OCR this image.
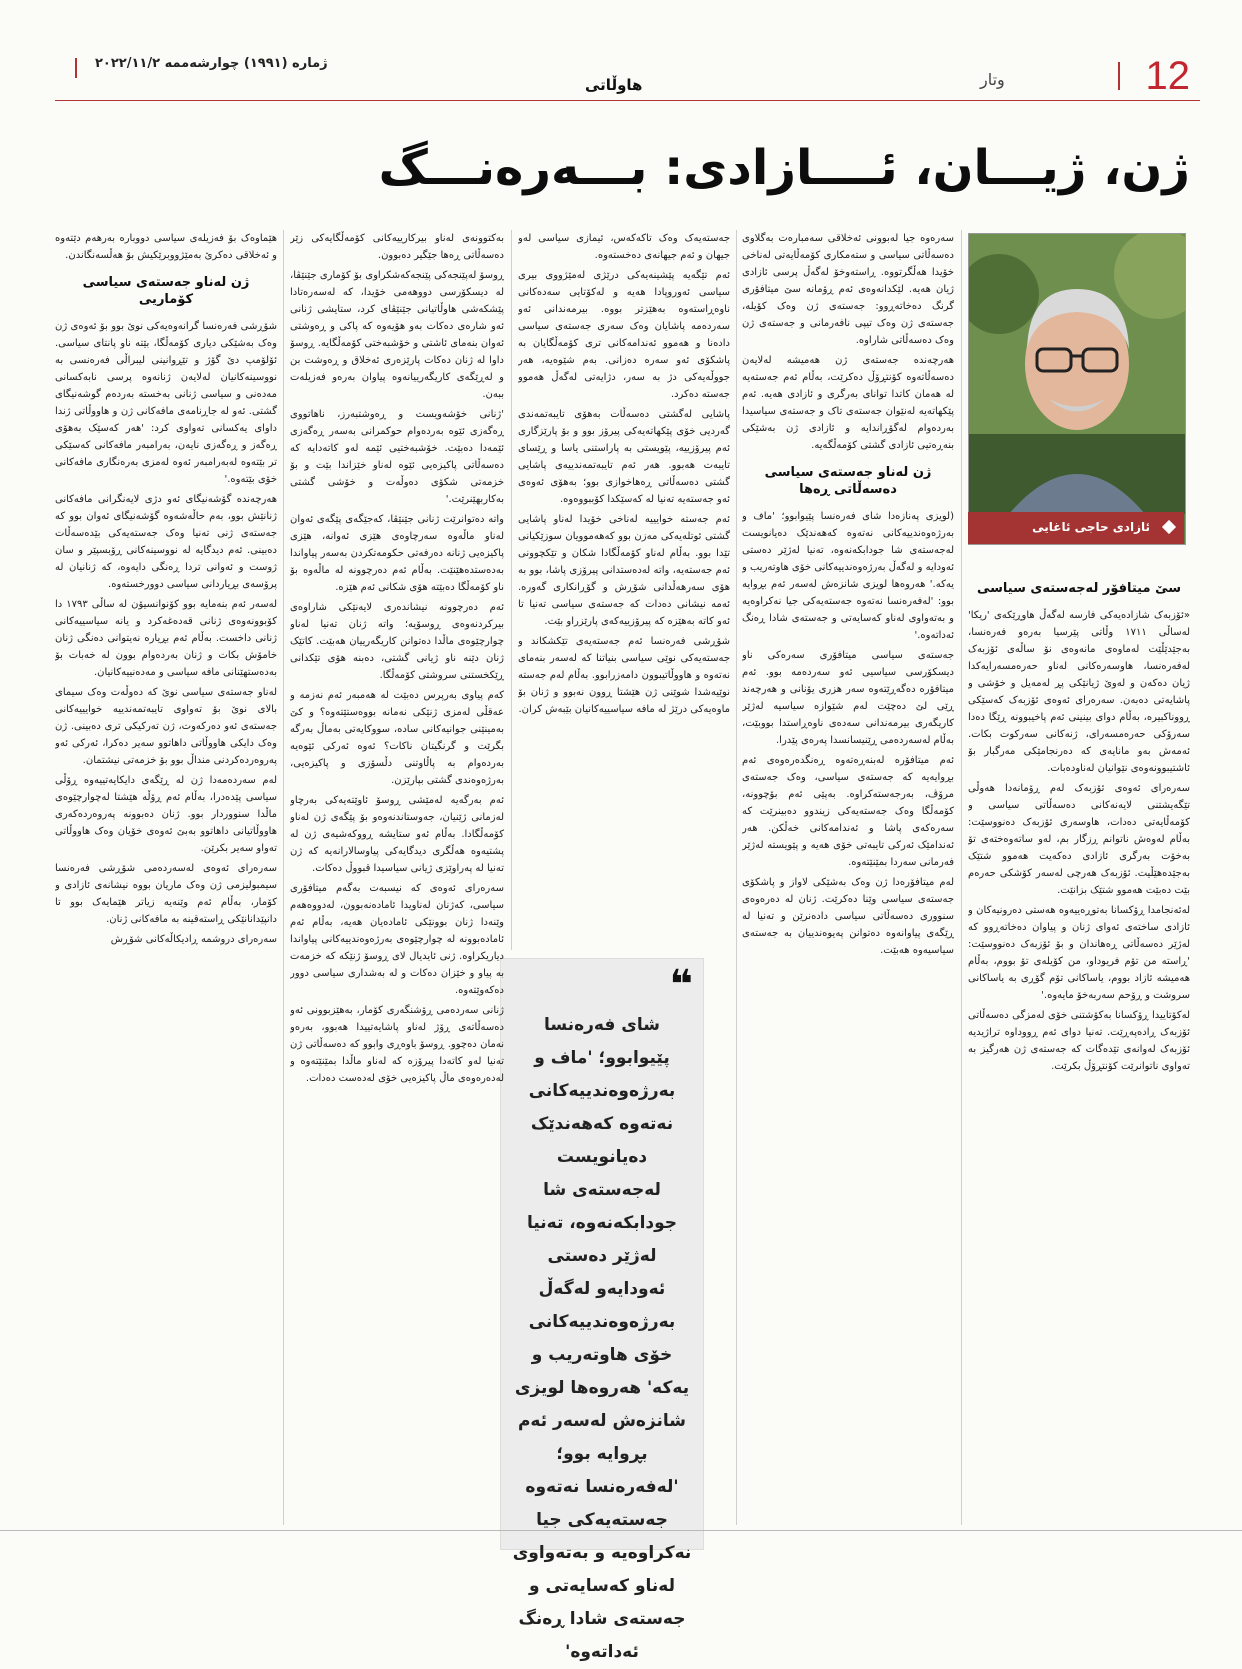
ژماره (١٩٩١) چوارشەممە ٢٠٢٢/١١/٢
هاوڵاتی	وتار	12
ژن، ژیـــان، ئــــازادی: بـــەرەنـــگ
ئازادی حاجی ئاغایی
سێ میتافۆر لەجەستەی سیاسی

«ئۆزبەک شازادەیەکی فارسە لەگەڵ هاوڕێکەی 'ریکا' لەساڵی ١٧١١ وڵاتی پێرسیا بەرەو فەرەنسا، بەجێدێڵێت لەماوەی مانەوەی نۆ ساڵەی ئۆزبەک لەفەرەنسا، هاوسەرەکانی لەناو حەرەمسەرایەکدا ژیان دەکەن و لەوێ ژیانێکی پڕ لەمەیل و خۆشی و پاشایەتی دەبەن. سەرەرای ئەوەی ئۆزبەک کەسێکی ڕووناکبیرە، بەڵام دوای بینینی ئەم پاخیبوونە ڕێگا دەدا سەرۆکی حەرەمسەرای، ژنەکانی سەرکوت بکات. ئەمەش بەو مانایەی کە دەرنجامێکی مەرگبار بۆ ئاشتیبوونەوەی نێوانیان لەناودەبات.

سەرەرای ئەوەی ئۆزبەک لەم ڕۆمانەدا هەوڵی تێگەیشتنی لایەنەکانی دەسەڵاتی سیاسی و کۆمەڵایەتی دەدات، هاوسەری ئۆزبەک دەنووسێت: بەڵام لەوەش ناتوانم ڕزگار بم، لەو ساتەوەختەی تۆ بەخۆت بەرگری ئازادی دەکەیت هەموو شتێک بەجێدەهێڵیت. ئۆزبەک هەرچی لەسەر کۆشکی حەرەم بێت دەبێت هەموو شتێک بزانێت.

لەئەنجامدا ڕۆکسانا بەتوڕەییەوە هەستی دەرونیەکان و ئازادی ساختەی ئەوای ژنان و پیاوان دەخاتەڕوو کە لەژێر دەسەڵاتی ڕەهاندان و بۆ ئۆزبەک دەنووسێت: 'ڕاستە من تۆم فریوداو، من کۆیلەی تۆ بووم، بەڵام هەمیشە ئازاد بووم، یاساکانی تۆم گۆڕی بە یاساکانی سروشت و ڕۆحم سەربەخۆ مایەوە.'

لەکۆتاییدا ڕۆکسانا بەکۆشتنی خۆی لەمزگی دەسەڵاتی ئۆزبەک ڕادەپەڕێت. تەنیا دوای ئەم ڕووداوە تراژیدیە ئۆزبەک لەوانەی تێدەگات کە جەستەی ژن هەرگیز بە تەواوی ناتوانرێت کۆنتڕۆڵ بکرێت.

سەرەوە جیا لەبوونی ئەخلاقی سەمبارەت بەگلاوی دەسەڵاتی سیاسی و ستەمکاری کۆمەڵایەتی لەناخی خۆیدا هەڵگرتووە. ڕاستەوخۆ لەگەڵ پرسی ئازادی ژیان هەیە. لێکدانەوەی ئەم ڕۆمانە سێ میتافۆری گرنگ دەخاتەڕوو: جەستەی ژن وەک کۆیلە، جەستەی ژن وەک تیپی نافەرمانی و جەستەی ژن وەک دەسەڵاتی شاراوە.

هەرچەندە جەستەی ژن هەمیشە لەلایەن دەسەڵاتەوە کۆنتڕۆڵ دەکرێت، بەڵام ئەم جەستەیە لە هەمان کاتدا توانای بەرگری و ئازادی هەیە. ئەم پێکهاتەیە لەنێوان جەستەی تاک و جەستەی سیاسیدا بەردەوام لەگۆڕاندایە و ئازادی ژن بەشێکی بنەڕەتیی ئازادی گشتی کۆمەڵگەیە.

ژن لەناو جەستەی سیاسی دەسەڵاتی ڕەها

(لویزی پەنازەدا شای فەرەنسا پێیوابوو؛ 'ماف و بەرژەوەندییەکانی نەتەوە کەهەندێک دەیانویست لەجەستەی شا جودابکەنەوە، تەنیا لەژێر دەستی ئەودایە و لەگەڵ بەرژەوەندییەکانی خۆی هاوتەریب و یەکە.' هەروەها لویزی شانزەش لەسەر ئەم بڕوایە بوو: 'لەفەرەنسا نەتەوە جەستەیەکی جیا نەکراوەیە و بەتەواوی لەناو کەسایەتی و جەستەی شادا ڕەنگ ئەداتەوە.'

جەستەی سیاسی میتافۆری سەرەکی ناو دیسکۆرسی سیاسیی ئەو سەردەمە بوو. ئەم میتافۆرە دەگەڕێتەوە سەر هزری یۆنانی و هەرچەند ڕێی لێ دەچێت لەم شێوازە سیاسیە لەژێر کاریگەری بیرمەندانی سەدەی ناوەڕاستدا بووبێت، بەڵام لەسەردەمی ڕێنیسانسدا پەرەی پێدرا.

ئەم میتافۆرە لەبنەڕەتەوە ڕەنگدەرەوەی ئەم بڕوایەیە کە جەستەی سیاسی، وەک جەستەی مرۆڤ، بەرجەستەکراوە. بەپێی ئەم بۆچوونە، کۆمەڵگا وەک جەستەیەکی زیندوو دەبینرێت کە سەرەکەی پاشا و ئەندامەکانی خەڵکن. هەر ئەندامێک ئەرکی تایبەتی خۆی هەیە و پێویستە لەژێر فەرمانی سەردا بمێنێتەوە.

لەم میتافۆرەدا ژن وەک بەشێکی لاواز و پاشکۆی جەستەی سیاسی وێنا دەکرێت. ژنان لە دەرەوەی سنووری دەسەڵاتی سیاسی دادەنرێن و تەنیا لە ڕێگەی پیاوانەوە دەتوانن پەیوەندییان بە جەستەی سیاسیەوە هەبێت.

جەستەیەک وەک تاکەکەس، ئیمازی سیاسی لەو جیهان و ئەم جیهانەی دەخستەوە.

ئەم تێگەیە پێشینەیەکی درێژی لەمێژووی بیری سیاسی ئەوروپادا هەیە و لەکۆتایی سەدەکانی ناوەڕاستەوە بەهێزتر بووە. بیرمەندانی ئەو سەردەمە پاشایان وەک سەری جەستەی سیاسی دادەنا و هەموو ئەندامەکانی تری کۆمەڵگایان بە پاشکۆی ئەو سەرە دەزانی. بەم شێوەیە، هەر جووڵەیەکی دژ بە سەر، دژایەتی لەگەڵ هەموو جەستە دەکرد.

پاشایی لەگشتی دەسەڵات بەهۆی تایبەتمەندی گەردیی خۆی پێکهاتەیەکی پیرۆز بوو و بۆ پارێزگاری ئەم پیرۆزییە، پێویستی بە پاراستنی یاسا و ڕێسای تایبەت هەبوو. هەر ئەم تایبەتمەندییەی پاشایی گشتی دەسەڵاتی ڕەهاخوازی بوو؛ بەهۆی ئەوەی ئەو جەستەیە تەنیا لە کەسێکدا کۆببووەوە.

ئەم جەستە خوایییە لەناخی خۆیدا لەناو پاشایی گشتی ئوتلەیەکی مەزن بوو کەهەموویان سوزێکیانی تێدا بوو. بەڵام لەناو کۆمەڵگادا شکان و تێکچوونی ئەم جەستەیە، واتە لەدەستدانی پیرۆزی پاشا، بوو بە هۆی سەرهەڵدانی شۆڕش و گۆڕانکاری گەورە. ئەمە نیشانی دەدات کە جەستەی سیاسی تەنیا تا ئەو کاتە بەهێزە کە پیرۆزییەکەی پارێزراو بێت.

شۆڕشی فەرەنسا ئەم جەستەیەی تێکشکاند و جەستەیەکی نوێی سیاسی بنیاتنا کە لەسەر بنەمای نەتەوە و هاووڵاتیبوون دامەزرابوو. بەڵام لەم جەستە نوێیەشدا شوێنی ژن هێشتا ڕوون نەبوو و ژنان بۆ ماوەیەکی درێژ لە مافە سیاسییەکانیان بێبەش کران.

❝
شای فەرەنسا پێیوابوو؛ 'ماف و بەرژەوەندییەکانی نەتەوە کەهەندێک دەیانویست لەجەستەی شا جودابکەنەوە، تەنیا لەژێر دەستی ئەودایەو لەگەڵ بەرژەوەندییەکانی خۆی هاوتەریب و یەکە' هەروەها لویزی شانزەش لەسەر ئەم بڕوایە بوو؛ 'لەفەرەنسا نەتەوە جەستەیەکی جیا نەکراوەیە و بەتەواوی لەناو کەسایەتی و جەستەی شادا ڕەنگ ئەداتەوە'

بەکتوونەی لەناو بیرکارییەکانی کۆمەڵگایەکی زێر دەسەڵاتی ڕەها جێگیر دەبوون.

ڕوسۆ لەپێنجەکی پێنجەکەشکراوی بۆ کۆماری جێنێڤا، لە دیسکۆرسی دووهەمی خۆیدا، کە لەسەرەتادا پێشکەشی هاوڵاتیانی جێنێڤای کرد، ستایشی ژنانی ئەو شارەی دەکات بەو هۆیەوە کە پاکی و ڕەوشتی ئەوان بنەمای ئاشتی و خۆشبەختی کۆمەڵگایە. ڕوسۆ داوا لە ژنان دەکات پارێزەری ئەخلاق و ڕەوشت بن و لەڕێگەی کاریگەرییانەوە پیاوان بەرەو فەزیلەت ببەن.

'ژنانی خۆشەویست و ڕەوشتبەرز، ناهاتووی ڕەگەزی ئێوە بەردەوام حوکمرانی بەسەر ڕەگەزی ئێمەدا دەبێت. خۆشبەختیی ئێمە لەو کاتەدایە کە دەسەڵاتی پاکیزەیی ئێوە لەناو خێزاندا بێت و بۆ خزمەتی شکۆی دەوڵەت و خۆشی گشتی بەکاربهێنرێت.'

واتە دەتوانرێت ژنانی جێنێڤا، کەجێگەی پێگەی ئەوان لەناو ماڵەوە سەرچاوەی هێزی ئەوانە، هێزی پاکیزەیی ژنانە دەرفەتی حکومەتکردن بەسەر پیاواندا بەدەستدەهێنێت. بەڵام ئەم دەرچوونە لە ماڵەوە بۆ ناو کۆمەڵگا دەبێتە هۆی شکانی ئەم هێزە.

ئەم دەرچوونە نیشاندەری لایەنێکی شاراوەی بیرکردنەوەی ڕوسۆیە؛ واتە ژنان تەنیا لەناو چوارچێوەی ماڵدا دەتوانن کاریگەرییان هەبێت. کاتێک ژنان دێنە ناو ژیانی گشتی، دەبنە هۆی تێکدانی ڕێکخستنی سروشتی کۆمەڵگا.

کەم پیاوی بەرپرس دەبێت لە هەمبەر ئەم نەزمە و عەقڵی لەمزی ژنێکی نەمانە بووەستێتەوە؟ و کێ بەمینێنی جوانیەکانی سادە، سووکایەتی بەماڵ بەرگە بگرێت و گرنگیتان ناکات؟ ئەوە ئەرکی ئێوەیە بەردەوام بە پاڵاوتنی دڵسۆزی و پاکیزەیی، بەرژەوەندی گشتی بپارێزن.

ئەم بەرگەیە لەمێشی ڕوسۆ ئاوێتەیەکی بەرچاو لەزمانی ژێنیان، جەوستاندنەوەو بۆ پێگەی ژن لەناو کۆمەڵگادا. بەڵام ئەو ستایشە ڕووکەشیەی ژن لە پشتیەوە هەڵگری دیدگایەکی پیاوسالارانەیە کە ژن تەنیا لە پەراوێزی ژیانی سیاسیدا قبووڵ دەکات.

سەرەرای ئەوەی کە نیسبەت بەگەم میتافۆری سیاسی، کەژنان لەناویدا ئامادەنەبوون، لەدووەهەم وێنەدا ژنان بوونێکی ئامادەیان هەیە، بەڵام ئەم ئامادەبوونە لە چوارچێوەی بەرژەوەندییەکانی پیاواندا دیاریکراوە. ژنی ئایدیال لای ڕوسۆ ژنێکە کە خزمەت بە پیاو و خێزان دەکات و لە بەشداری سیاسی دوور دەکەوێتەوە.

ژنانی سەردەمی ڕۆشنگەری کۆمار، بەهێزبوونی ئەو دەسەڵاتەی ڕۆژ لەناو پاشایەتییدا هەبوو، بەرەو نەمان دەچوو. ڕوسۆ باوەڕی وابوو کە دەسەڵاتی ژن تەنیا لەو کاتەدا پیرۆزە کە لەناو ماڵدا بمێنێتەوە و لەدەرەوەی ماڵ پاکیزەیی خۆی لەدەست دەدات.

هێماوەک بۆ فەزیلەی سیاسی دووبارە بەرهەم دێتەوە و ئەخلاقی دەکرێ بەمێژووبرێکیش بۆ هەڵسەنگاندن.

ژن لەناو جەستەی سیاسی کۆماریی

شۆڕشی فەرەنسا گرانەوەیەکی نوێ بوو بۆ ئەوەی ژن وەک بەشێکی دیاری کۆمەڵگا، بێتە ناو پانتای سیاسی. ئۆلۆمپ دێ گۆژ و تێڕوانینی لیبراڵی فەرەنسی بە نووسینەکانیان لەلایەن ژنانەوە پرسی نابەکسانی مەدەنی و سیاسی ژنانی بەخستە بەردەم گوشەنیگای گشتی. ئەو لە جاڕنامەی مافەکانی ژن و هاووڵاتی ژندا داوای یەکسانی تەواوی کرد: 'هەر کەسێک بەهۆی ڕەگەز و ڕەگەزی نایەن، بەرامبەر مافەکانی کەسێکی تر بێتەوە لەبەرامبەر ئەوە لەمزی بەرەنگاری مافەکانی خۆی بێتەوە.'

هەرچەندە گۆشەنیگای ئەو دژی لایەنگرانی مافەکانی ژنانێش بوو، بەم حاڵەشەوە گۆشەنیگای ئەوان بوو کە جەستەی ژنی تەنیا وەک جەستەیەکی بێدەسەڵات دەبینی. ئەم دیدگایە لە نووسینەکانی ڕۆبسپێر و سان ژوست و ئەوانی تردا ڕەنگی دایەوە، کە ژنانیان لە پرۆسەی بڕیاردانی سیاسی دوورخستەوە.

لەسەر ئەم بنەمایە بوو کۆنوانسیۆن لە ساڵی ١٧٩٣ دا کۆبوونەوەی ژنانی قەدەغەکرد و یانە سیاسییەکانی ژنانی داخست. بەڵام ئەم بڕیارە نەیتوانی دەنگی ژنان خامۆش بکات و ژنان بەردەوام بوون لە خەبات بۆ بەدەستهێنانی مافە سیاسی و مەدەنییەکانیان.

لەناو جەستەی سیاسی نوێ کە دەوڵەت وەک سیمای بالای نوێ بۆ تەواوی تایبەتمەندییە خوایییەکانی جەستەی ئەو دەرکەوت، ژن تەرکیکی تری دەبینی. ژن وەک دایکی هاووڵاتی داهاتوو سەیر دەکرا، ئەرکی ئەو پەروەردەکردنی منداڵ بوو بۆ خزمەتی نیشتمان.

لەم سەردەمەدا ژن لە ڕێگەی دایکایەتییەوە ڕۆڵی سیاسی پێدەدرا، بەڵام ئەم ڕۆڵە هێشتا لەچوارچێوەی ماڵدا سنووردار بوو. ژنان دەبوونە پەروەردەکەری هاووڵاتیانی داهاتوو بەبێ ئەوەی خۆیان وەک هاووڵاتی تەواو سەیر بکرێن.

سەرەرای ئەوەی لەسەردەمی شۆڕشی فەرەنسا سیمبولیزمی ژن وەک ماریان بووە نیشانەی ئازادی و کۆمار، بەڵام ئەم وێنەیە زیاتر هێمایەک بوو تا دانپێدانانێکی ڕاستەقینە بە مافەکانی ژنان.

سەرەرای دروشمە ڕادیکاڵەکانی شۆڕش
